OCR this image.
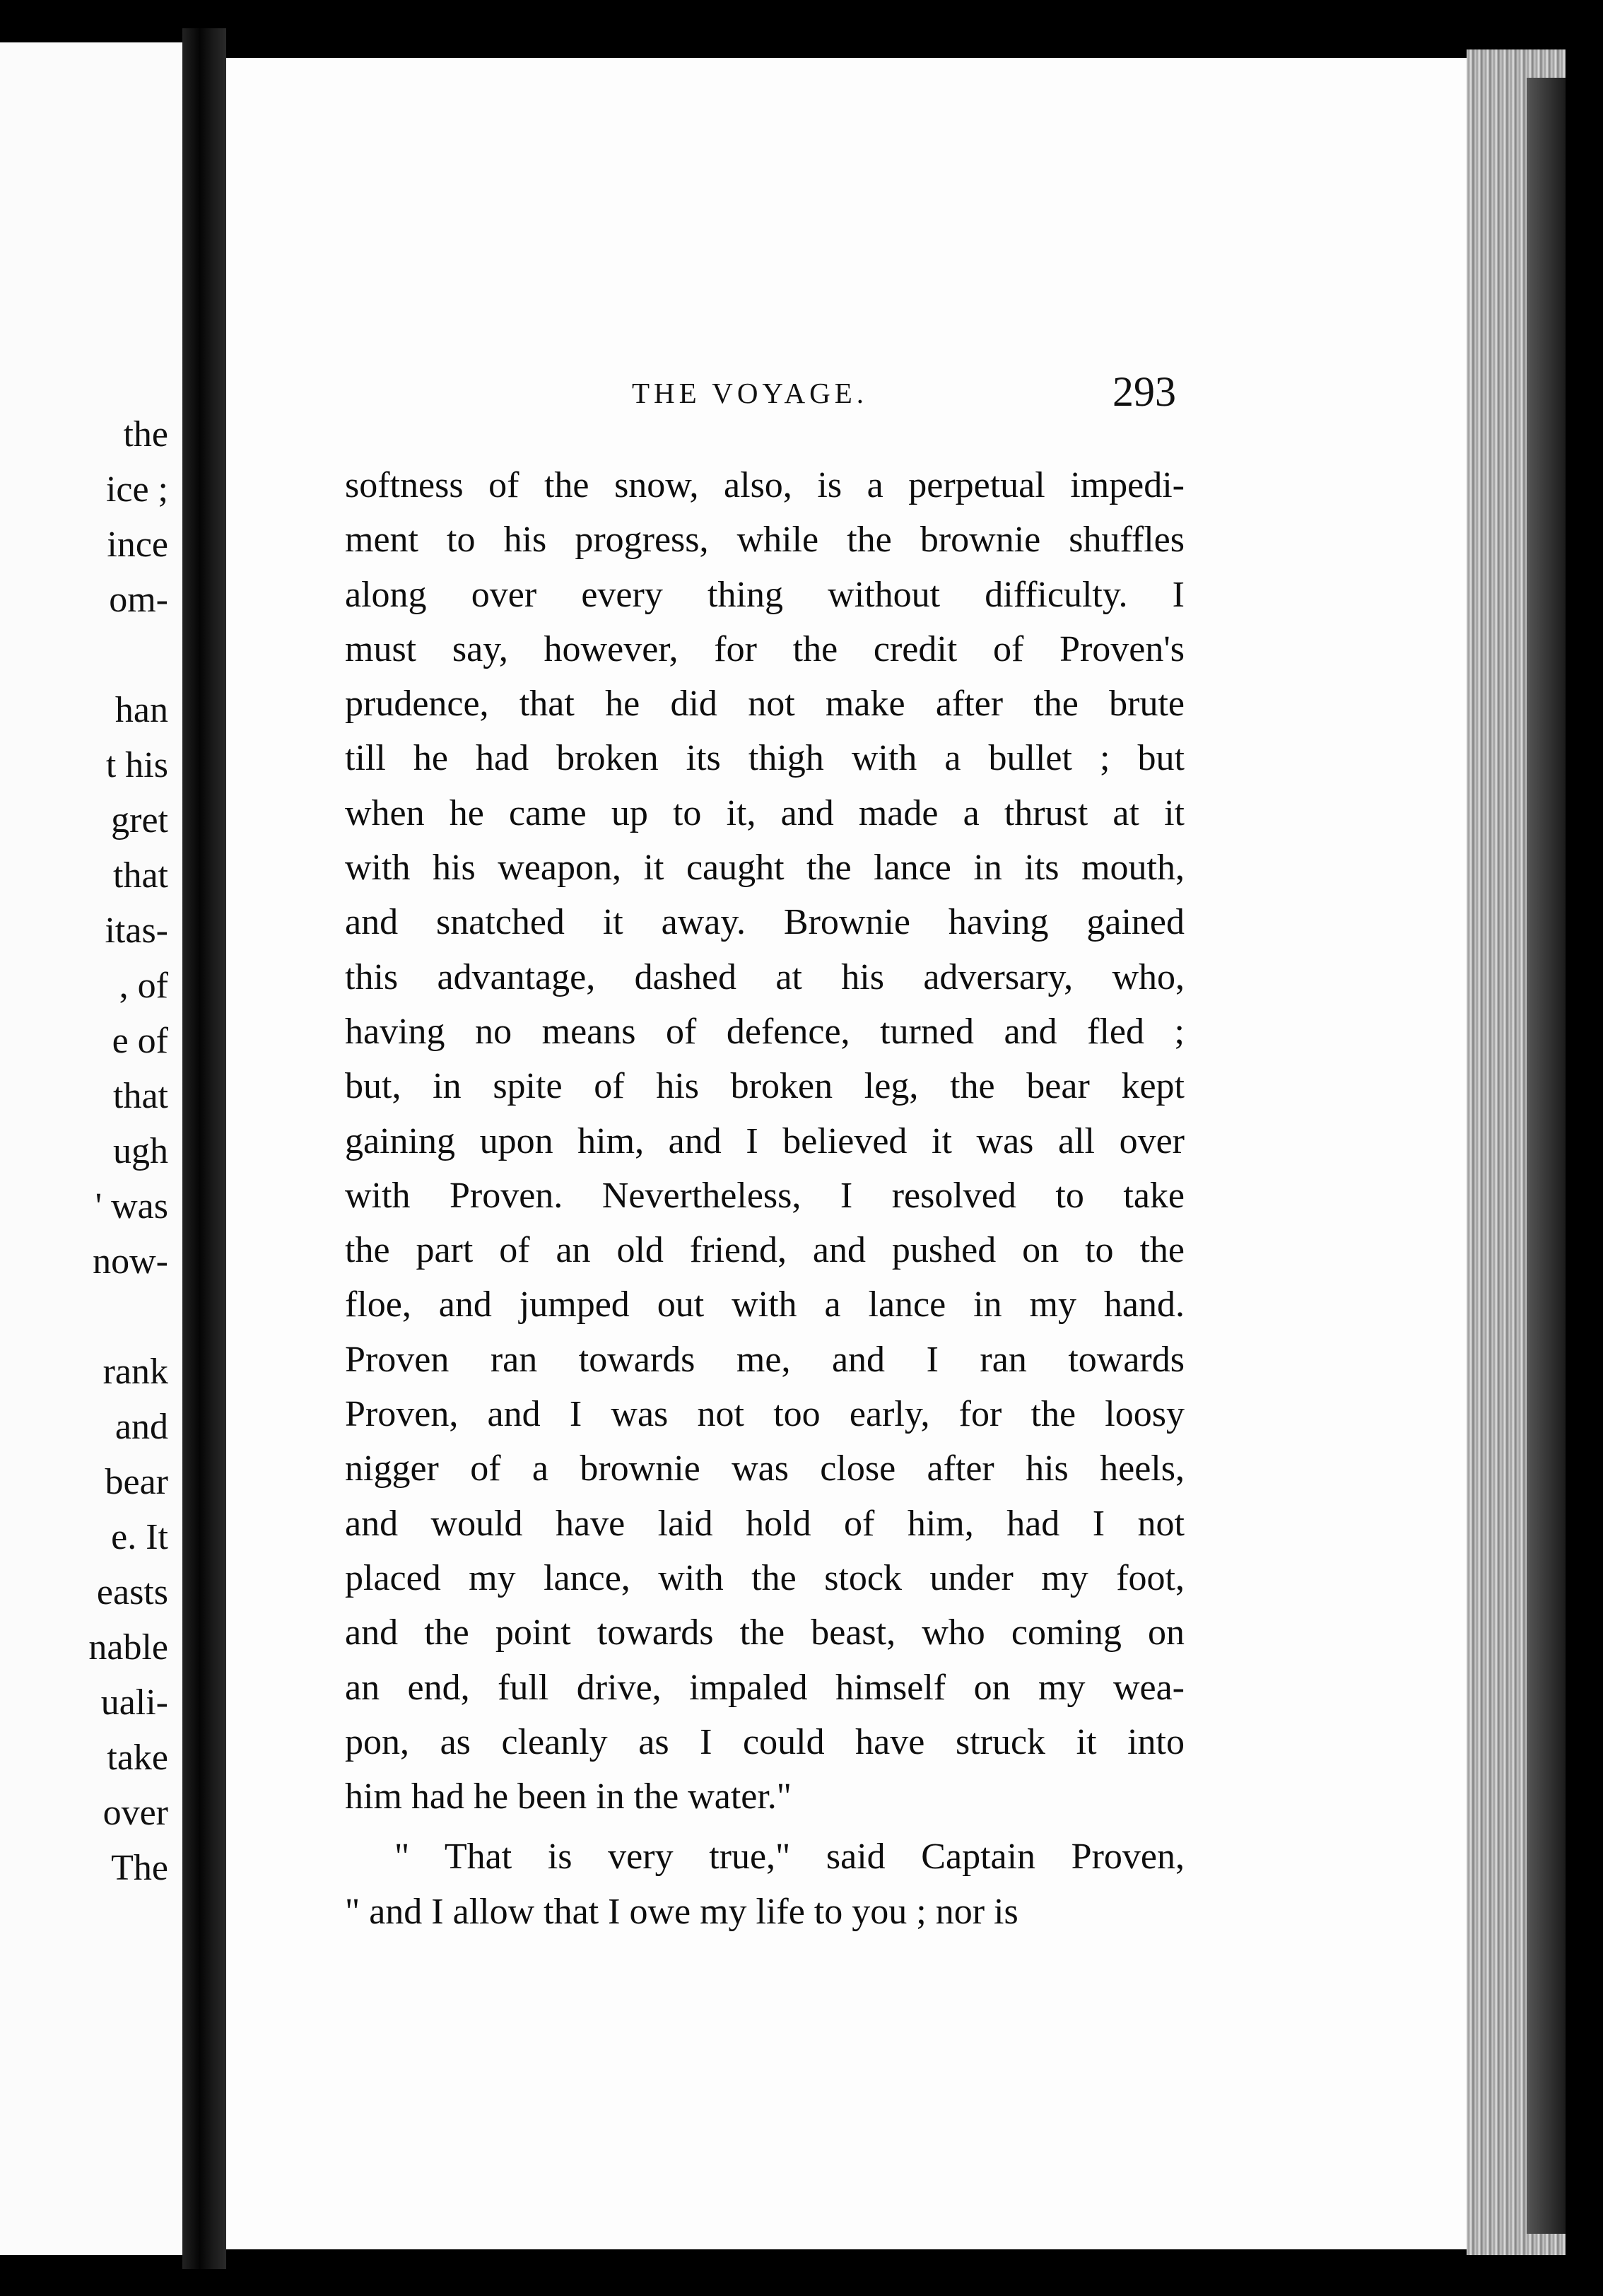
the
ice ;
ince
om-
han
t his
gret
that
itas-
, of
e of
that
ugh
' was
now-
rank
and
bear
e. It
easts
nable
uali-
take
over
The
THE VOYAGE.	293
softness of the snow, also, is a perpetual impedi-
ment to his progress, while the brownie shuffles
along over every thing without difficulty. I
must say, however, for the credit of Proven's
prudence, that he did not make after the brute
till he had broken its thigh with a bullet ; but
when he came up to it, and made a thrust at it
with his weapon, it caught the lance in its mouth,
and snatched it away. Brownie having gained
this advantage, dashed at his adversary, who,
having no means of defence, turned and fled ;
but, in spite of his broken leg, the bear kept
gaining upon him, and I believed it was all over
with Proven. Nevertheless, I resolved to take
the part of an old friend, and pushed on to the
floe, and jumped out with a lance in my hand.
Proven ran towards me, and I ran towards
Proven, and I was not too early, for the loosy
nigger of a brownie was close after his heels,
and would have laid hold of him, had I not
placed my lance, with the stock under my foot,
and the point towards the beast, who coming on
an end, full drive, impaled himself on my wea-
pon, as cleanly as I could have struck it into
him had he been in the water."
" That is very true," said Captain Proven,
" and I allow that I owe my life to you ; nor is
